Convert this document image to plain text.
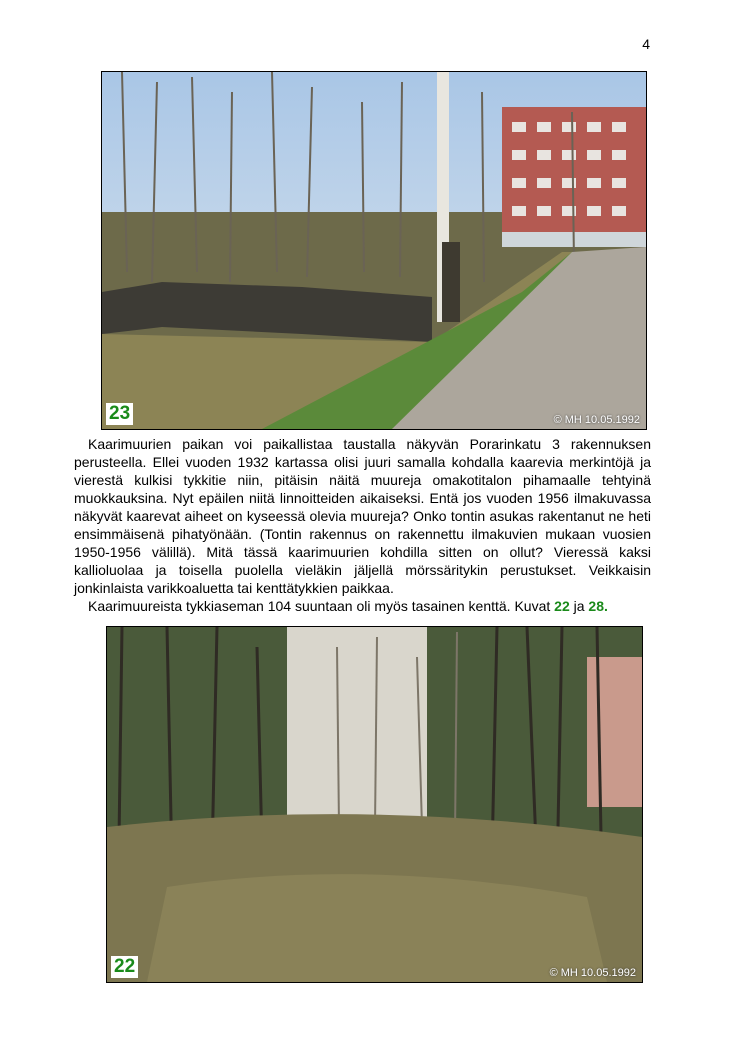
4
23	© MH 10.05.1992

Kaarimuurien paikan voi paikallistaa taustalla näkyvän Porarinkatu 3 rakennuksen perusteella. Ellei vuoden 1932 kartassa olisi juuri samalla kohdalla kaarevia merkintöjä ja vierestä kulkisi tykkitie niin, pitäisin näitä muureja omakotitalon pihamaalle tehtyinä muokkauksina. Nyt epäilen niitä linnoitteiden aikaiseksi. Entä jos vuoden 1956 ilmakuvassa näkyvät kaarevat aiheet on kyseessä olevia muureja? Onko tontin asukas rakentanut ne heti ensimmäisenä pihatyönään. (Tontin rakennus on rakennettu ilmakuvien mukaan vuosien 1950-1956 välillä). Mitä tässä kaarimuurien kohdilla sitten on ollut? Vieressä kaksi kallioluolaa ja toisella puolella vieläkin jäljellä mörssäritykin perustukset. Veikkaisin jonkinlaista varikkoaluetta tai kenttätykkien paikkaa.

Kaarimuureista tykkiaseman 104 suuntaan oli myös tasainen kenttä. Kuvat 22 ja 28.

22	© MH 10.05.1992
